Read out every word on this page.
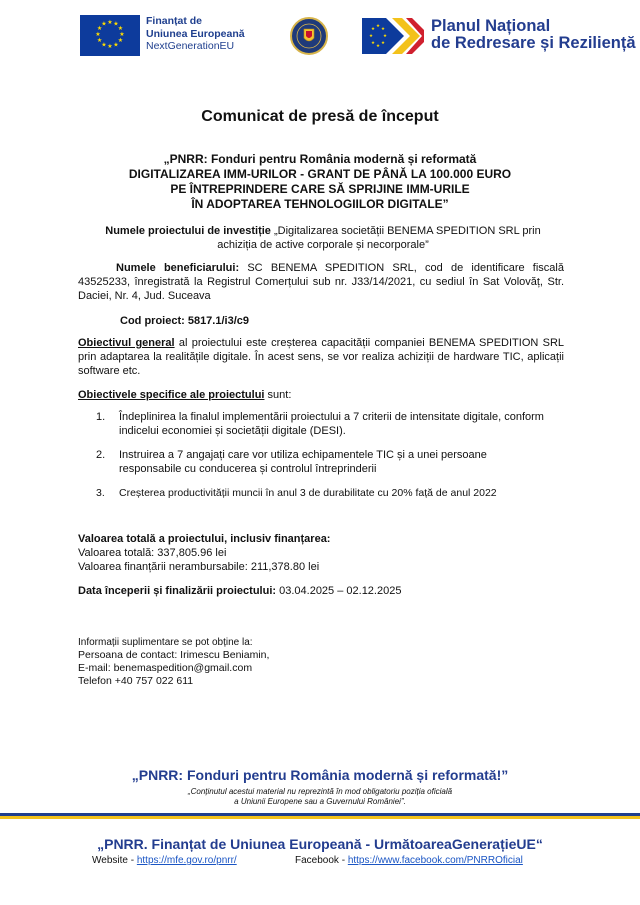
★ ★
★
★
★
★
★
★
★
★
★
★	Finanțat de
Uniunea Europeană
NextGenerationEU
★
★
★
★
★
★
★
★	Planul Național
de Redresare și Reziliență
Comunicat de presă de început
„PNRR: Fonduri pentru România modernă și reformată
DIGITALIZAREA IMM-URILOR - GRANT DE PÂNĂ LA 100.000 EURO
PE ÎNTREPRINDERE CARE SĂ SPRIJINE IMM-URILE
ÎN ADOPTAREA TEHNOLOGIILOR DIGITALE”
Numele proiectului de investiție „Digitalizarea societății BENEMA SPEDITION SRL prin
achiziția de active corporale și necorporale”
Numele beneficiarului: SC BENEMA SPEDITION SRL, cod de identificare fiscală 43525233, înregistrată la Registrul Comerțului sub nr. J33/14/2021, cu sediul în Sat Volovăț, Str. Daciei, Nr. 4, Jud. Suceava
Cod proiect: 5817.1/i3/c9
Obiectivul general al proiectului este creșterea capacității companiei BENEMA SPEDITION SRL prin adaptarea la realitățile digitale. În acest sens, se vor realiza achiziții de hardware TIC, aplicații software etc.
Obiectivele specifice ale proiectului sunt:
1. Îndeplinirea la finalul implementării proiectului a 7 criterii de intensitate digitale, conform indicelui economiei și societății digitale (DESI).
2. Instruirea a 7 angajați care vor utiliza echipamentele TIC și a unei persoane responsabile cu conducerea și controlul întreprinderii
3. Creșterea productivității muncii în anul 3 de durabilitate cu 20% față de anul 2022
Valoarea totală a proiectului, inclusiv finanțarea:
Valoarea totală: 337,805.96 lei
Valoarea finanțării nerambursabile: 211,378.80 lei
Data începerii și finalizării proiectului: 03.04.2025 – 02.12.2025
Informații suplimentare se pot obține la:
Persoana de contact: Irimescu Beniamin,
E-mail: benemaspedition@gmail.com
Telefon +40 757 022 611
„PNRR: Fonduri pentru România modernă și reformată!”
„Conținutul acestui material nu reprezintă în mod obligatoriu poziția oficială
a Uniunii Europene sau a Guvernului României”.
„PNRR. Finanțat de Uniunea Europeană - UrmătoareaGenerațieUE“
Website - https://mfe.gov.ro/pnrr/	Facebook - https://www.facebook.com/PNRROficial
